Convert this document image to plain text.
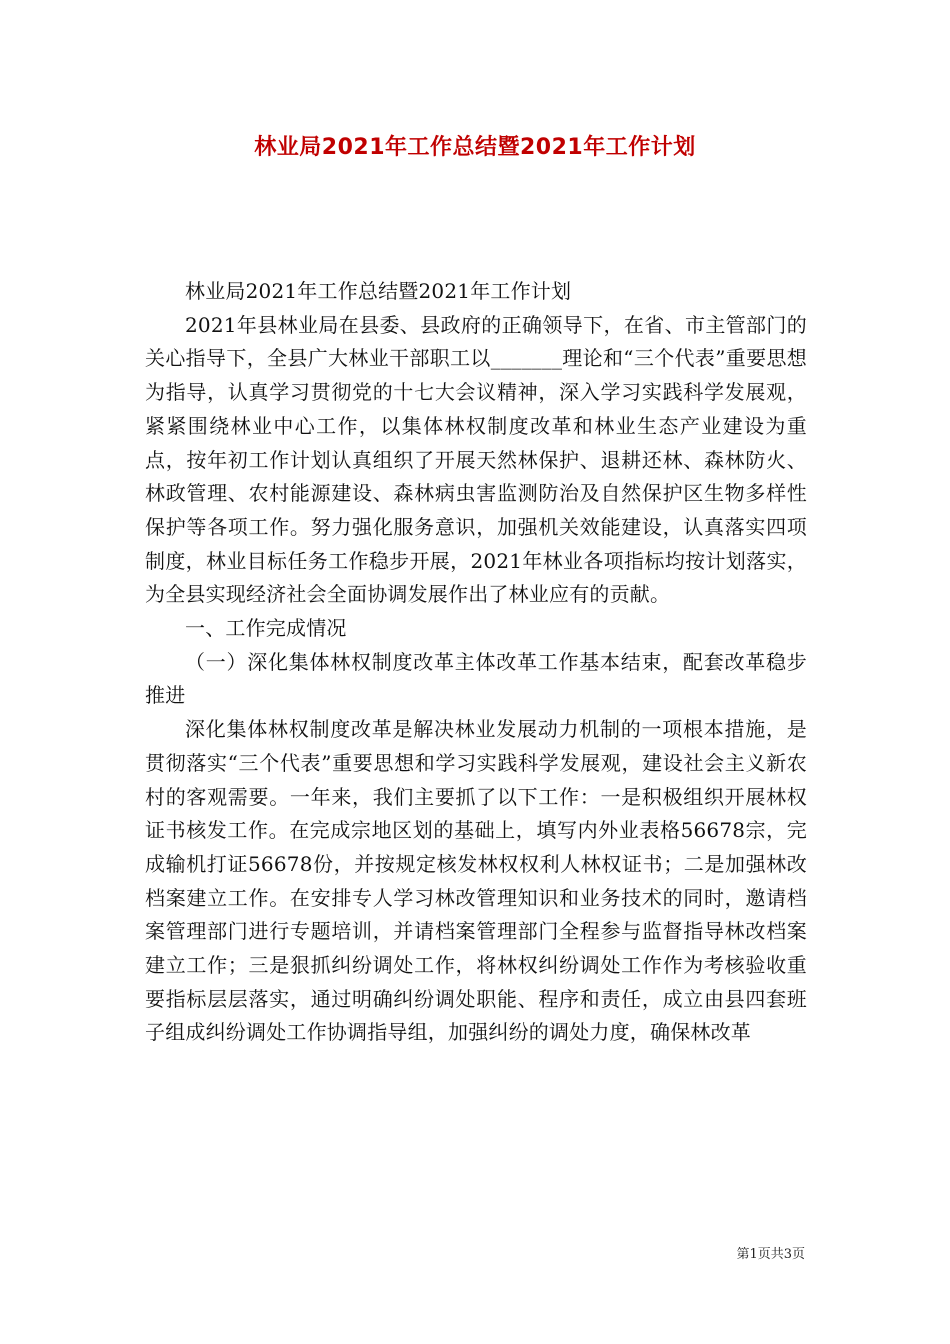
林业局2021年工作总结暨2021年工作计划

林业局2021年工作总结暨2021年工作计划

2021年县林业局在县委、县政府的正确领导下，在省、市主管部门的关心指导下，全县广大林业干部职工以_______理论和“三个代表”重要思想为指导，认真学习贯彻党的十七大会议精神，深入学习实践科学发展观，紧紧围绕林业中心工作，以集体林权制度改革和林业生态产业建设为重点，按年初工作计划认真组织了开展天然林保护、退耕还林、森林防火、林政管理、农村能源建设、森林病虫害监测防治及自然保护区生物多样性保护等各项工作。努力强化服务意识，加强机关效能建设，认真落实四项制度，林业目标任务工作稳步开展，2021年林业各项指标均按计划落实，为全县实现经济社会全面协调发展作出了林业应有的贡献。

一、工作完成情况

（一）深化集体林权制度改革主体改革工作基本结束，配套改革稳步推进

深化集体林权制度改革是解决林业发展动力机制的一项根本措施，是贯彻落实“三个代表”重要思想和学习实践科学发展观，建设社会主义新农村的客观需要。一年来，我们主要抓了以下工作：一是积极组织开展林权证书核发工作。在完成宗地区划的基础上，填写内外业表格56678宗，完成输机打证56678份，并按规定核发林权权利人林权证书；二是加强林改档案建立工作。在安排专人学习林改管理知识和业务技术的同时，邀请档案管理部门进行专题培训，并请档案管理部门全程参与监督指导林改档案建立工作；三是狠抓纠纷调处工作，将林权纠纷调处工作作为考核验收重要指标层层落实，通过明确纠纷调处职能、程序和责任，成立由县四套班子组成纠纷调处工作协调指导组，加强纠纷的调处力度，确保林改革

第1页共3页
